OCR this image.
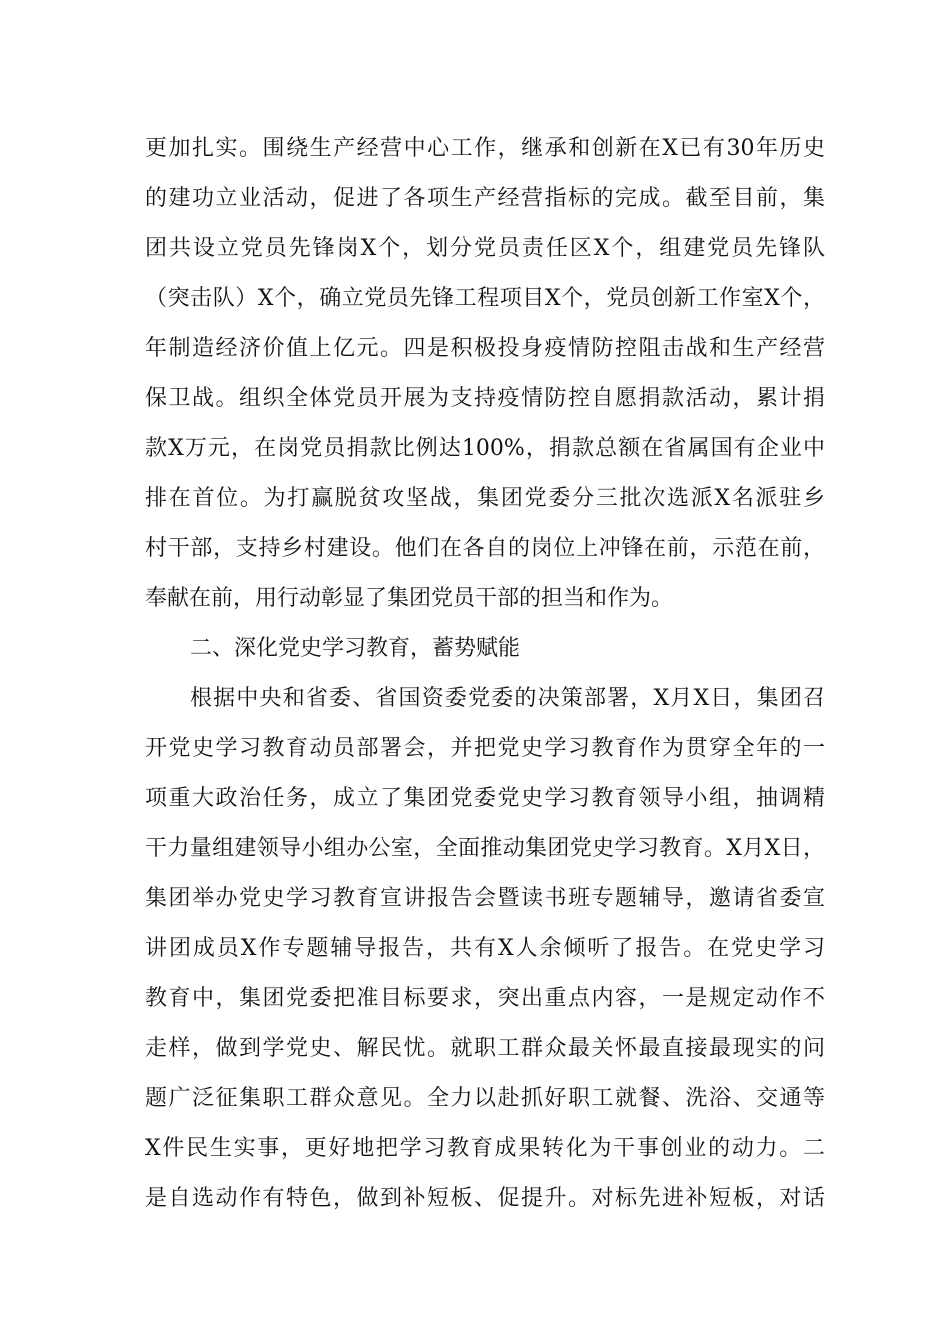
更加扎实。围绕生产经营中心工作，继承和创新在X已有30年历史
的建功立业活动，促进了各项生产经营指标的完成。截至目前，集
团共设立党员先锋岗X个，划分党员责任区X个，组建党员先锋队
（突击队）X个，确立党员先锋工程项目X个，党员创新工作室X个，
年制造经济价值上亿元。四是积极投身疫情防控阻击战和生产经营
保卫战。组织全体党员开展为支持疫情防控自愿捐款活动，累计捐
款X万元，在岗党员捐款比例达100%，捐款总额在省属国有企业中
排在首位。为打赢脱贫攻坚战，集团党委分三批次选派X名派驻乡
村干部，支持乡村建设。他们在各自的岗位上冲锋在前，示范在前，
奉献在前，用行动彰显了集团党员干部的担当和作为。
二、深化党史学习教育，蓄势赋能
根据中央和省委、省国资委党委的决策部署，X月X日，集团召
开党史学习教育动员部署会，并把党史学习教育作为贯穿全年的一
项重大政治任务，成立了集团党委党史学习教育领导小组，抽调精
干力量组建领导小组办公室，全面推动集团党史学习教育。X月X日，
集团举办党史学习教育宣讲报告会暨读书班专题辅导，邀请省委宣
讲团成员X作专题辅导报告，共有X人余倾听了报告。在党史学习
教育中，集团党委把准目标要求，突出重点内容，一是规定动作不
走样，做到学党史、解民忧。就职工群众最关怀最直接最现实的问
题广泛征集职工群众意见。全力以赴抓好职工就餐、洗浴、交通等
X件民生实事，更好地把学习教育成果转化为干事创业的动力。二
是自选动作有特色，做到补短板、促提升。对标先进补短板，对话
